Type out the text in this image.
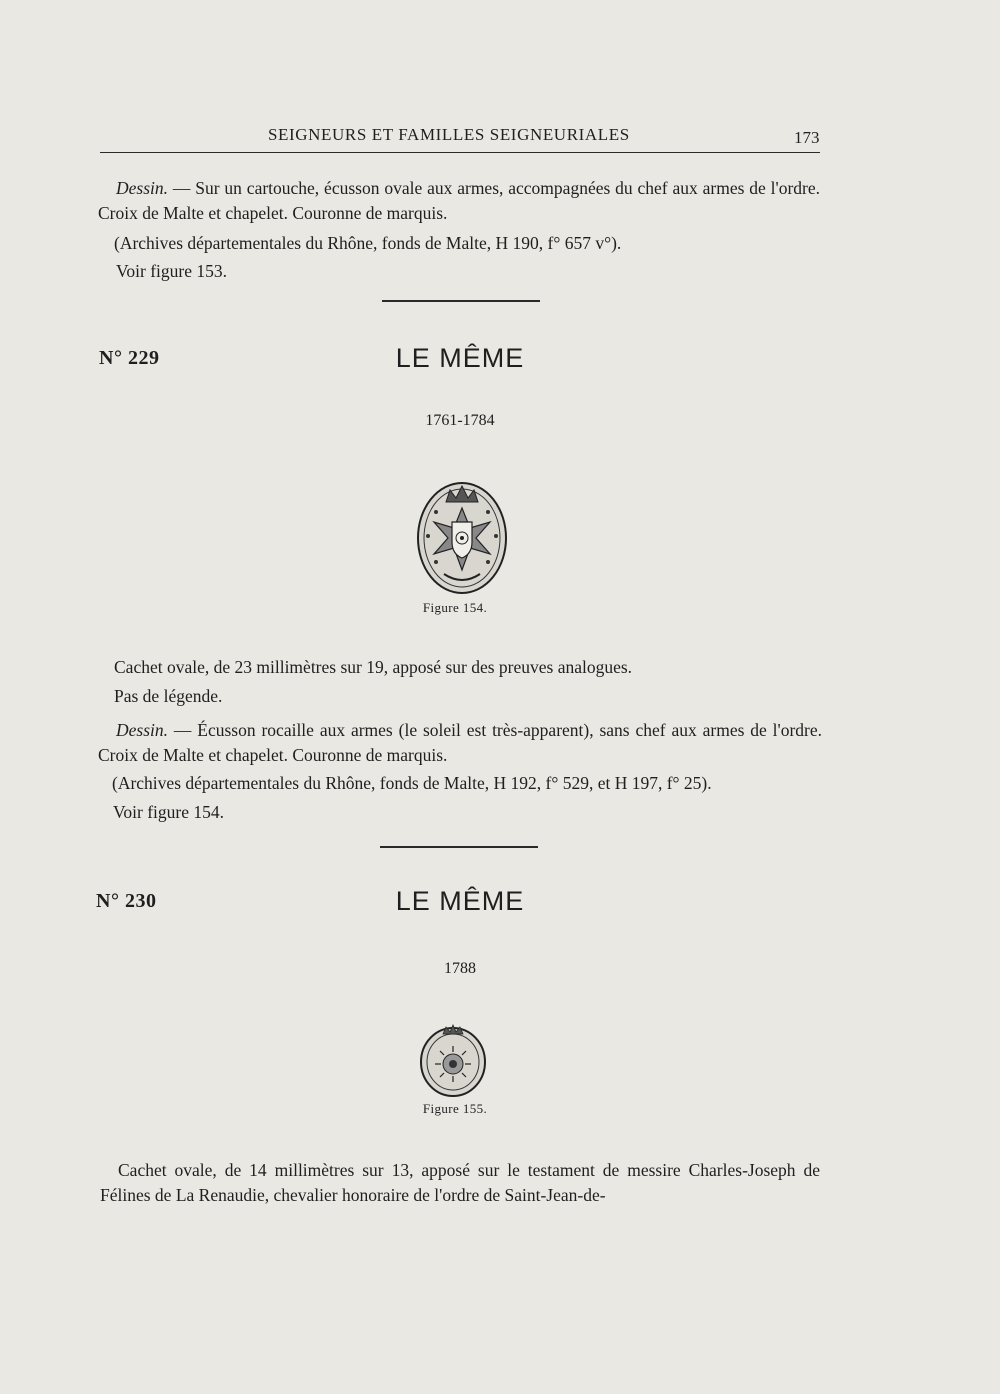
SEIGNEURS ET FAMILLES SEIGNEURIALES	173
Dessin. — Sur un cartouche, écusson ovale aux armes, accompagnées du chef aux armes de l'ordre. Croix de Malte et chapelet. Couronne de marquis.
(Archives départementales du Rhône, fonds de Malte, H 190, f° 657 v°).
Voir figure 153.
N° 229	LE MÊME
1761-1784
Figure 154.
Cachet ovale, de 23 millimètres sur 19, apposé sur des preuves analogues.
Pas de légende.
Dessin. — Écusson rocaille aux armes (le soleil est très-apparent), sans chef aux armes de l'ordre. Croix de Malte et chapelet. Couronne de marquis.
(Archives départementales du Rhône, fonds de Malte, H 192, f° 529, et H 197, f° 25).
Voir figure 154.
N° 230	LE MÊME
1788
Figure 155.
Cachet ovale, de 14 millimètres sur 13, apposé sur le testament de messire Charles-Joseph de Félines de La Renaudie, chevalier honoraire de l'ordre de Saint-Jean-de-
